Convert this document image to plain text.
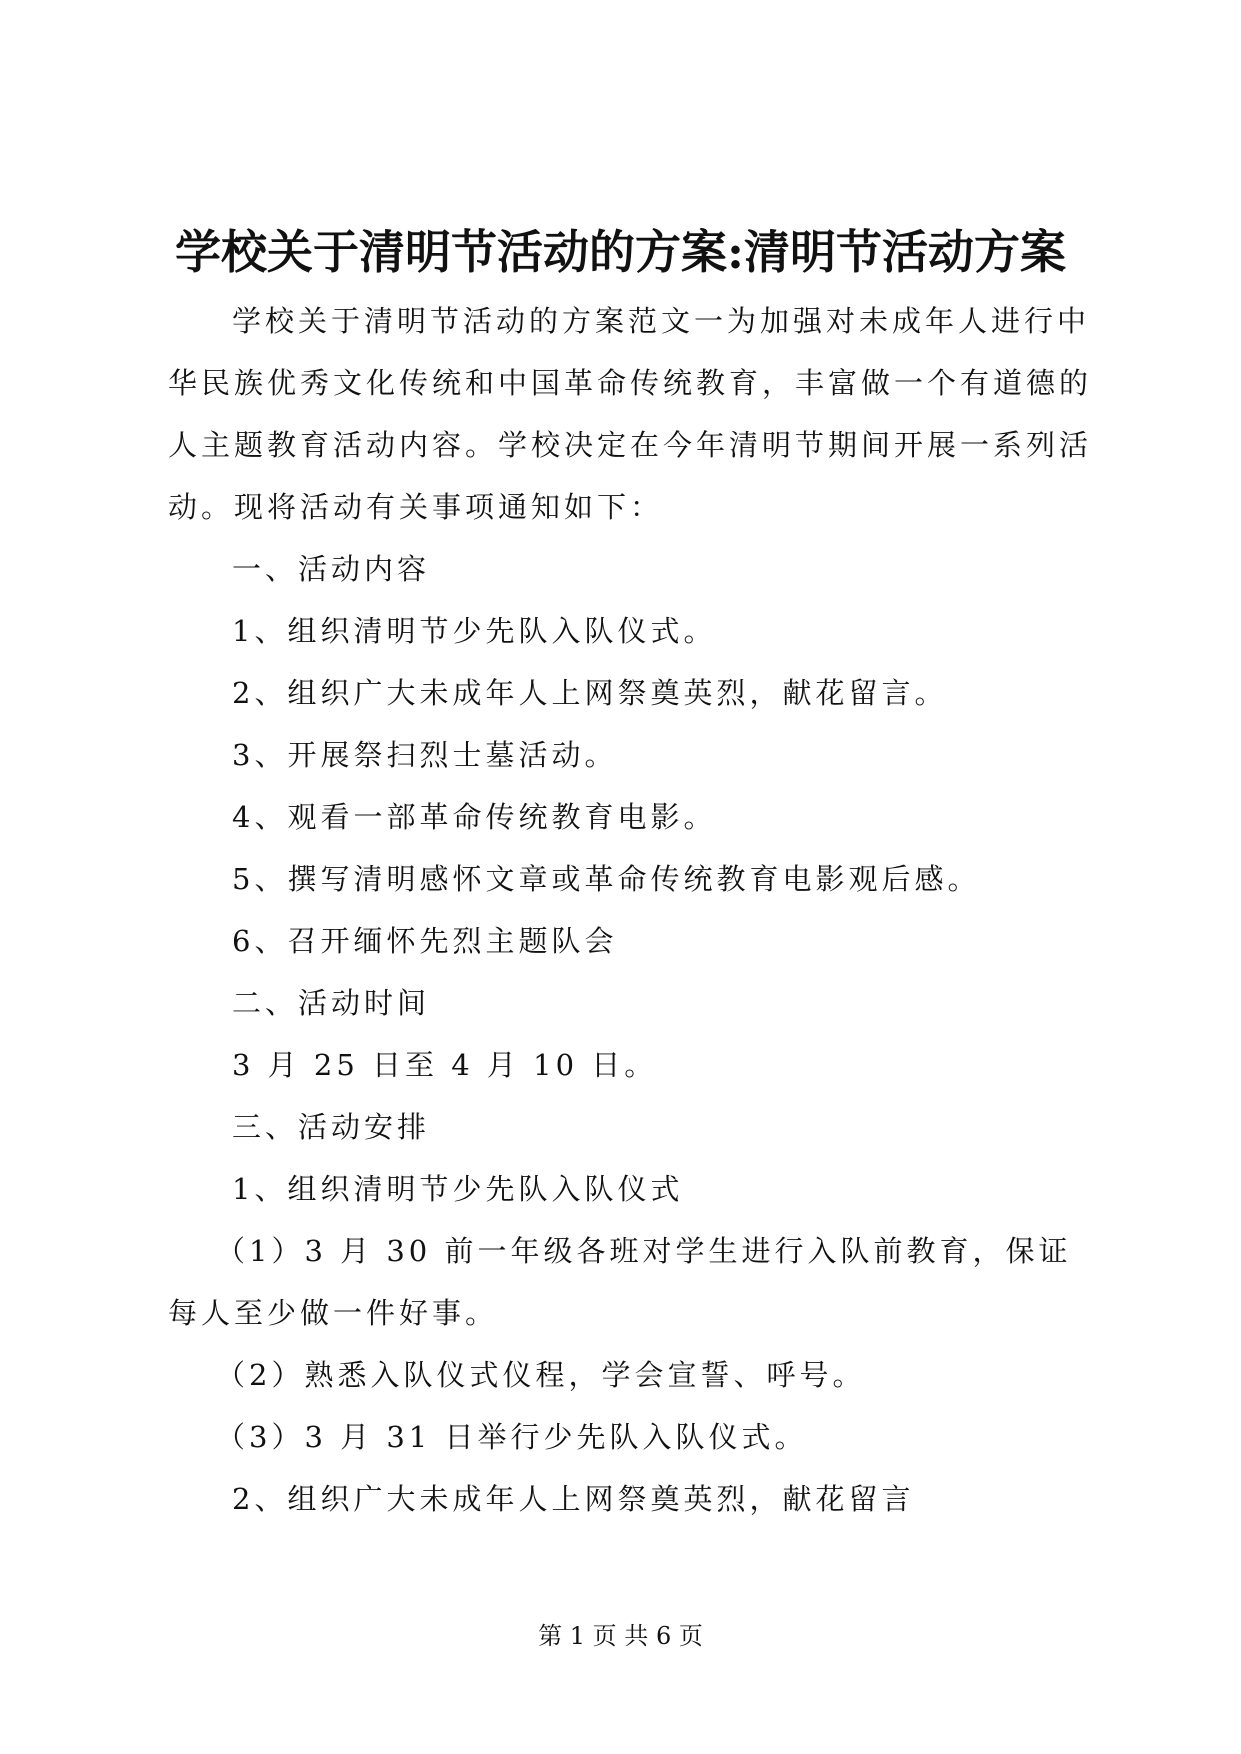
学校关于清明节活动的方案:清明节活动方案

学校关于清明节活动的方案范文一为加强对未成年人进行中华民族优秀文化传统和中国革命传统教育，丰富做一个有道德的人主题教育活动内容。学校决定在今年清明节期间开展一系列活动。现将活动有关事项通知如下：

一、活动内容

1、组织清明节少先队入队仪式。

2、组织广大未成年人上网祭奠英烈，献花留言。

3、开展祭扫烈士墓活动。

4、观看一部革命传统教育电影。

5、撰写清明感怀文章或革命传统教育电影观后感。

6、召开缅怀先烈主题队会

二、活动时间

3 月 25 日至 4 月 10 日。

三、活动安排

1、组织清明节少先队入队仪式

（1）3 月 30 前一年级各班对学生进行入队前教育，保证每人至少做一件好事。

（2）熟悉入队仪式仪程，学会宣誓、呼号。

（3）3 月 31 日举行少先队入队仪式。

2、组织广大未成年人上网祭奠英烈，献花留言

第 1 页 共 6 页
